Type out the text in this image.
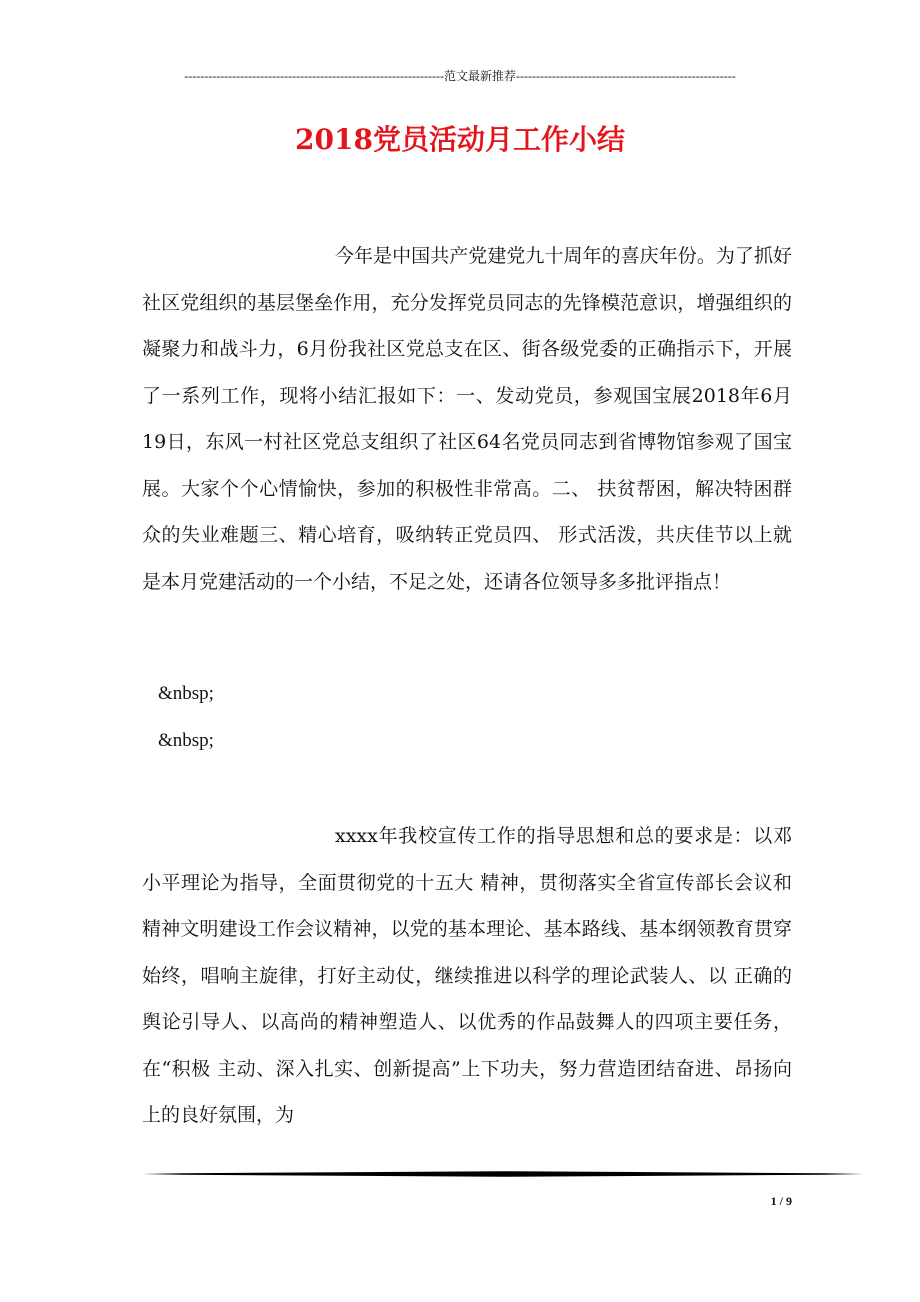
-----------------------------------------------------------------范文最新推荐-------------------------------------------------------
2018党员活动月工作小结

今年是中国共产党建党九十周年的喜庆年份。为了抓好社区党组织的基层堡垒作用，充分发挥党员同志的先锋模范意识，增强组织的凝聚力和战斗力，6月份我社区党总支在区、街各级党委的正确指示下，开展了一系列工作，现将小结汇报如下：一、发动党员，参观国宝展2018年6月19日，东风一村社区党总支组织了社区64名党员同志到省博物馆参观了国宝展。大家个个心情愉快，参加的积极性非常高。二、 扶贫帮困，解决特困群众的失业难题三、精心培育，吸纳转正党员四、 形式活泼，共庆佳节以上就是本月党建活动的一个小结，不足之处，还请各位领导多多批评指点！

&nbsp;
&nbsp;

xxxx年我校宣传工作的指导思想和总的要求是：以邓小平理论为指导，全面贯彻党的十五大 精神，贯彻落实全省宣传部长会议和精神文明建设工作会议精神，以党的基本理论、基本路线、基本纲领教育贯穿始终，唱响主旋律，打好主动仗，继续推进以科学的理论武装人、以 正确的舆论引导人、以高尚的精神塑造人、以优秀的作品鼓舞人的四项主要任务，在“积极 主动、深入扎实、创新提高”上下功夫，努力营造团结奋进、昂扬向上的良好氛围，为

1 / 9
